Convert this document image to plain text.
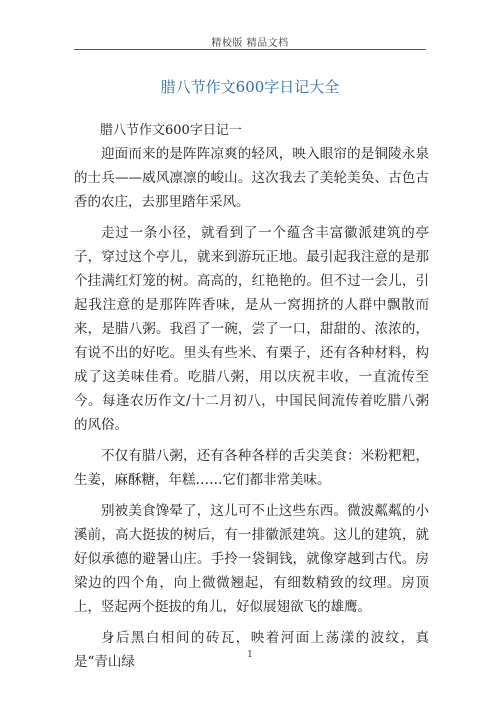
精校版 精品文档
腊八节作文600字日记大全
腊八节作文600字日记一

迎面而来的是阵阵凉爽的轻风，映入眼帘的是铜陵永泉的士兵——威风凛凛的峻山。这次我去了美轮美奂、古色古香的农庄，去那里踏年采风。

走过一条小径，就看到了一个蕴含丰富徽派建筑的亭子，穿过这个亭儿，就来到游玩正地。最引起我注意的是那个挂满红灯笼的树。高高的，红艳艳的。但不过一会儿，引起我注意的是那阵阵香味，是从一窝拥挤的人群中飘散而来，是腊八粥。我舀了一碗，尝了一口，甜甜的、浓浓的，有说不出的好吃。里头有些米、有栗子，还有各种材料，构成了这美味佳肴。吃腊八粥，用以庆祝丰收，一直流传至今。每逢农历作文/十二月初八，中国民间流传着吃腊八粥的风俗。

不仅有腊八粥，还有各种各样的舌尖美食：米粉粑粑，生姜，麻酥糖，年糕……它们都非常美味。

别被美食馋晕了，这儿可不止这些东西。微波粼粼的小溪前，高大挺拔的树后，有一排徽派建筑。这儿的建筑，就好似承德的避暑山庄。手拎一袋铜钱，就像穿越到古代。房梁边的四个角，向上微微翘起，有细数精致的纹理。房顶上，竖起两个挺拔的角儿，好似展翅欲飞的雄鹰。

身后黑白相间的砖瓦，映着河面上荡漾的波纹，真是“青山绿	1
